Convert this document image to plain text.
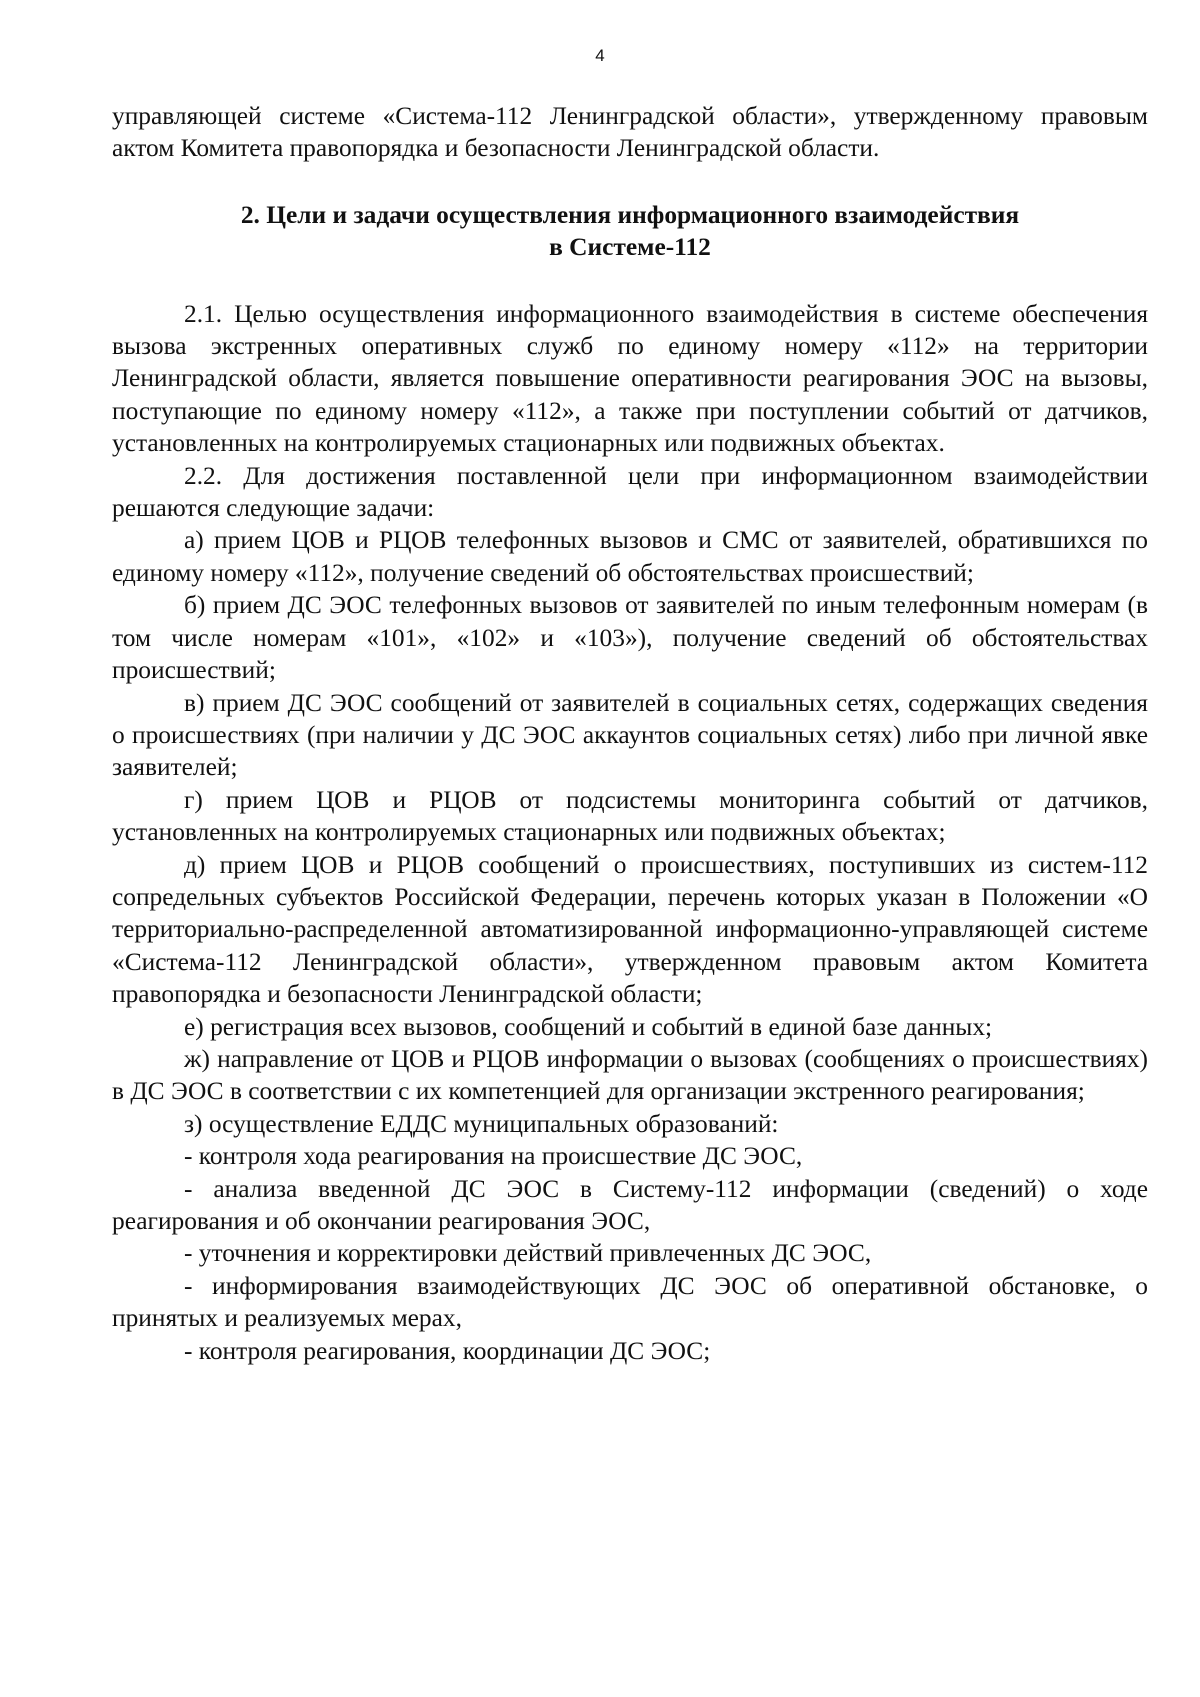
4

управляющей системе «Система-112 Ленинградской области», утвержденному правовым актом Комитета правопорядка и безопасности Ленинградской области.

2. Цели и задачи осуществления информационного взаимодействия
в Системе-112

2.1. Целью осуществления информационного взаимодействия в системе обеспечения вызова экстренных оперативных служб по единому номеру «112» на территории Ленинградской области, является повышение оперативности реагирования ЭОС на вызовы, поступающие по единому номеру «112», а также при поступлении событий от датчиков, установленных на контролируемых стационарных или подвижных объектах.

2.2. Для достижения поставленной цели при информационном взаимодействии решаются следующие задачи:

а) прием ЦОВ и РЦОВ телефонных вызовов и СМС от заявителей, обратившихся по единому номеру «112», получение сведений об обстоятельствах происшествий;

б) прием ДС ЭОС телефонных вызовов от заявителей по иным телефонным номерам (в том числе номерам «101», «102» и «103»), получение сведений об обстоятельствах происшествий;

в) прием ДС ЭОС сообщений от заявителей в социальных сетях, содержащих сведения о происшествиях (при наличии у ДС ЭОС аккаунтов социальных сетях) либо при личной явке заявителей;

г) прием ЦОВ и РЦОВ от подсистемы мониторинга событий от датчиков, установленных на контролируемых стационарных или подвижных объектах;

д) прием ЦОВ и РЦОВ сообщений о происшествиях, поступивших из систем-112 сопредельных субъектов Российской Федерации, перечень которых указан в Положении «О территориально-распределенной автоматизированной информационно-управляющей системе «Система-112 Ленинградской области», утвержденном правовым актом Комитета правопорядка и безопасности Ленинградской области;

е) регистрация всех вызовов, сообщений и событий в единой базе данных;

ж) направление от ЦОВ и РЦОВ информации о вызовах (сообщениях о происшествиях) в ДС ЭОС в соответствии с их компетенцией для организации экстренного реагирования;

з) осуществление ЕДДС муниципальных образований:

- контроля хода реагирования на происшествие ДС ЭОС,

- анализа введенной ДС ЭОС в Систему-112 информации (сведений) о ходе реагирования и об окончании реагирования ЭОС,

- уточнения и корректировки действий привлеченных ДС ЭОС,

- информирования взаимодействующих ДС ЭОС об оперативной обстановке, о принятых и реализуемых мерах,

- контроля реагирования, координации ДС ЭОС;
